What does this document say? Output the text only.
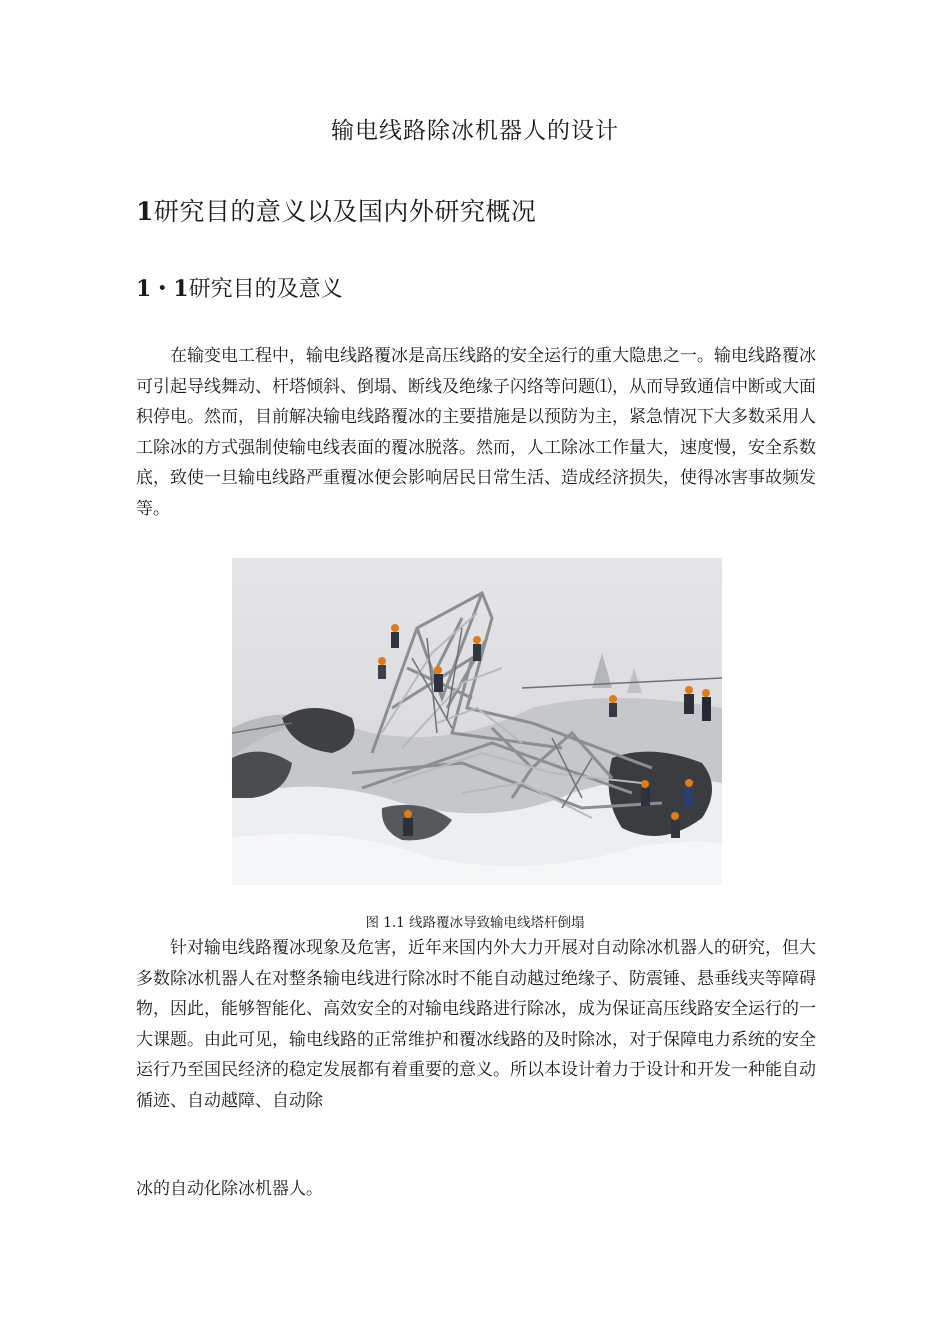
输电线路除冰机器人的设计
1研究目的意义以及国内外研究概况
1・1研究目的及意义
在输变电工程中，输电线路覆冰是高压线路的安全运行的重大隐患之一。输电线路覆冰可引起导线舞动、杆塔倾斜、倒塌、断线及绝缘子闪络等问题⑴，从而导致通信中断或大面积停电。然而，目前解决输电线路覆冰的主要措施是以预防为主，紧急情况下大多数采用人工除冰的方式强制使输电线表面的覆冰脱落。然而，人工除冰工作量大，速度慢，安全系数底，致使一旦输电线路严重覆冰便会影响居民日常生活、造成经济损失，使得冰害事故频发等。
图 1.1 线路覆冰导致输电线塔杆倒塌
针对输电线路覆冰现象及危害，近年来国内外大力开展对自动除冰机器人的研究，但大多数除冰机器人在对整条输电线进行除冰时不能自动越过绝缘子、防震锤、悬垂线夹等障碍物，因此，能够智能化、高效安全的对输电线路进行除冰，成为保证高压线路安全运行的一大课题。由此可见，输电线路的正常维护和覆冰线路的及时除冰，对于保障电力系统的安全运行乃至国民经济的稳定发展都有着重要的意义。所以本设计着力于设计和开发一种能自动循迹、自动越障、自动除
冰的自动化除冰机器人。
